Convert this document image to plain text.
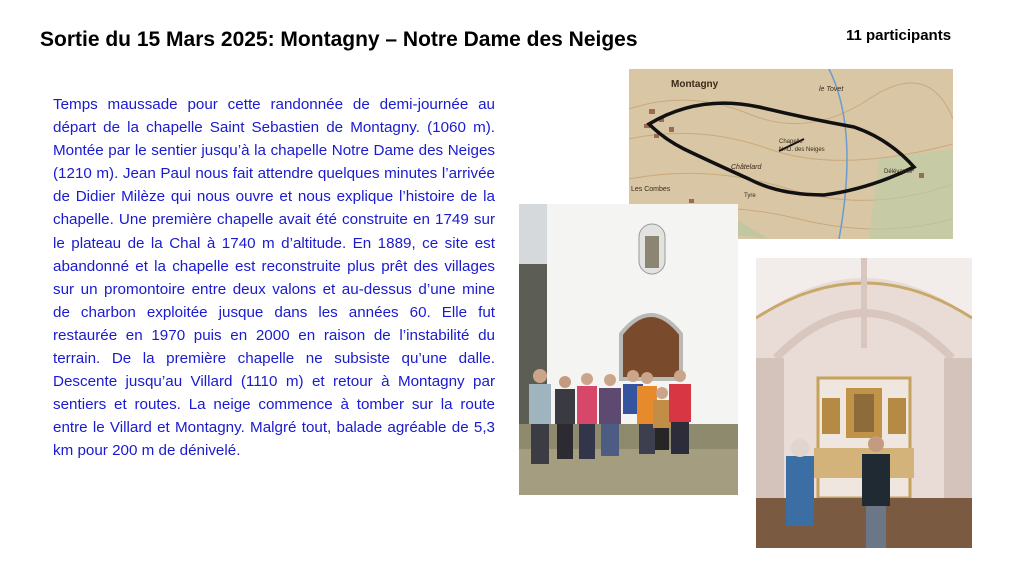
Sortie du 15 Mars 2025: Montagny – Notre Dame des Neiges	11 participants

Temps maussade pour cette randonnée de demi-journée au départ de la chapelle Saint Sebastien de Montagny. (1060 m). Montée par le sentier jusqu’à la chapelle Notre Dame des Neiges (1210 m). Jean Paul nous fait attendre quelques minutes l’arrivée de Didier Milèze qui nous ouvre et nous explique l’histoire de la chapelle. Une première chapelle avait été construite en 1749 sur le plateau de la Chal à 1740 m d’altitude. En 1889, ce site est abandonné et la chapelle est reconstruite plus prêt des villages sur un promontoire entre deux valons et au-dessus d’une mine de charbon exploitée jusque dans les années 60. Elle fut restaurée en 1970 puis en 2000 en raison de l’instabilité du terrain. De la première chapelle ne subsiste qu’une dalle. Descente jusqu’au Villard (1110 m) et retour à Montagny par sentiers et routes. La neige commence à tomber sur la route entre le Villard et Montagny. Malgré tout, balade agréable de 5,3 km pour 200 m de dénivelé.

Montagny	le Tovet
Chapelle
N.-D. des Neiges
Châtelard
Les Combes
Délévance
Tyre
